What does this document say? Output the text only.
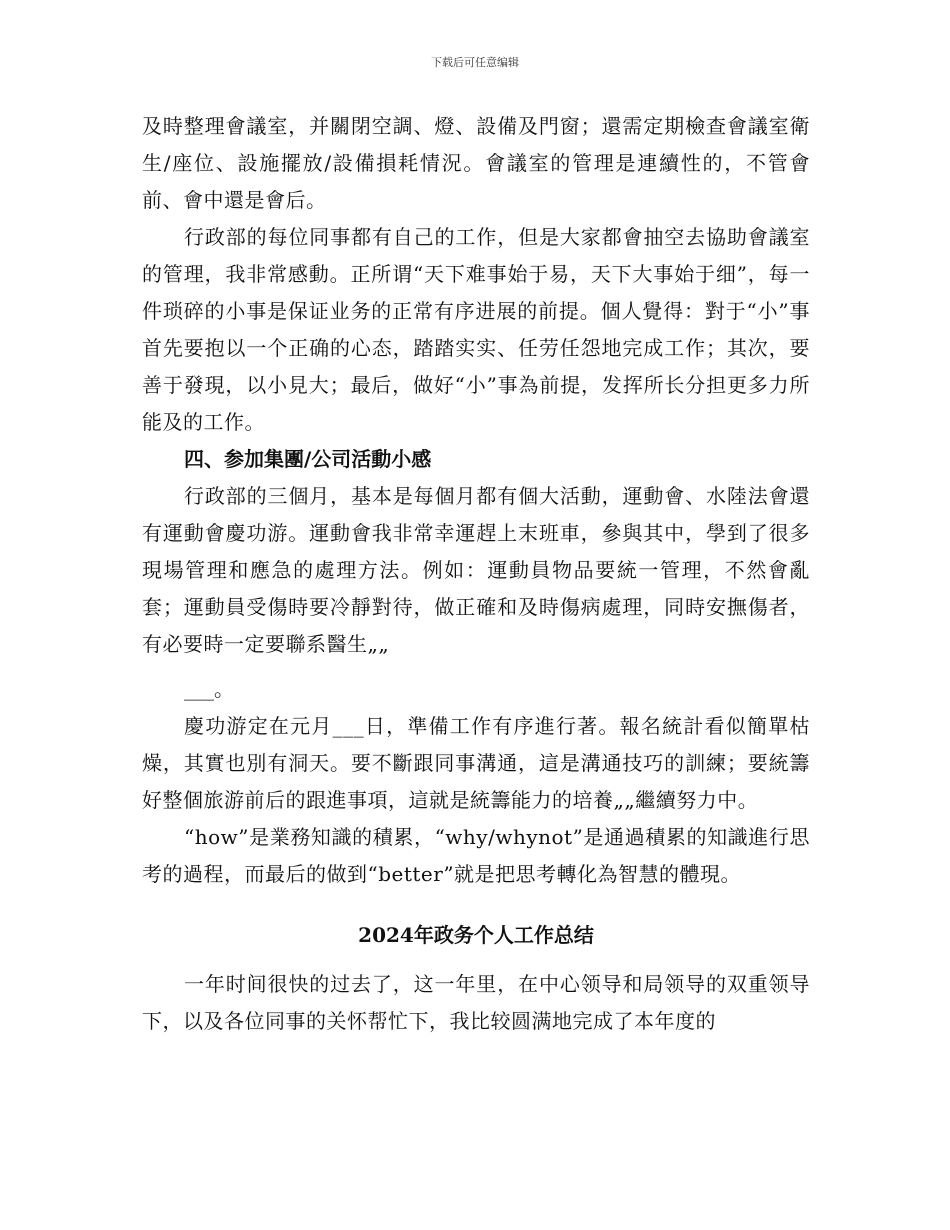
下载后可任意编辑

及時整理會議室，并關閉空調、燈、設備及門窗；還需定期檢查會議室衛生/座位、設施擺放/設備損耗情況。會議室的管理是連續性的，不管會前、會中還是會后。

行政部的每位同事都有自己的工作，但是大家都會抽空去協助會議室的管理，我非常感動。正所谓“天下难事始于易，天下大事始于细”，每一件琐碎的小事是保证业务的正常有序进展的前提。個人覺得：對于“小”事首先要抱以一个正确的心态，踏踏实实、任劳任怨地完成工作；其次，要善于發現，以小見大；最后，做好“小”事為前提，发挥所长分担更多力所能及的工作。

四、参加集團/公司活動小感

行政部的三個月，基本是每個月都有個大活動，運動會、水陸法會還有運動會慶功游。運動會我非常幸運趕上末班車，參與其中，學到了很多現場管理和應急的處理方法。例如：運動員物品要統一管理，不然會亂套；運動員受傷時要冷靜對待，做正確和及時傷病處理，同時安撫傷者，有必要時一定要聯系醫生„„

___。

慶功游定在元月___日，準備工作有序進行著。報名統計看似簡單枯燥，其實也別有洞天。要不斷跟同事溝通，這是溝通技巧的訓練；要統籌好整個旅游前后的跟進事項，這就是統籌能力的培養„„繼續努力中。

“how”是業務知識的積累，“why/whynot”是通過積累的知識進行思考的過程，而最后的做到“better”就是把思考轉化為智慧的體現。

2024年政务个人工作总结

一年时间很快的过去了，这一年里，在中心领导和局领导的双重领导下，以及各位同事的关怀帮忙下，我比较圆满地完成了本年度的
